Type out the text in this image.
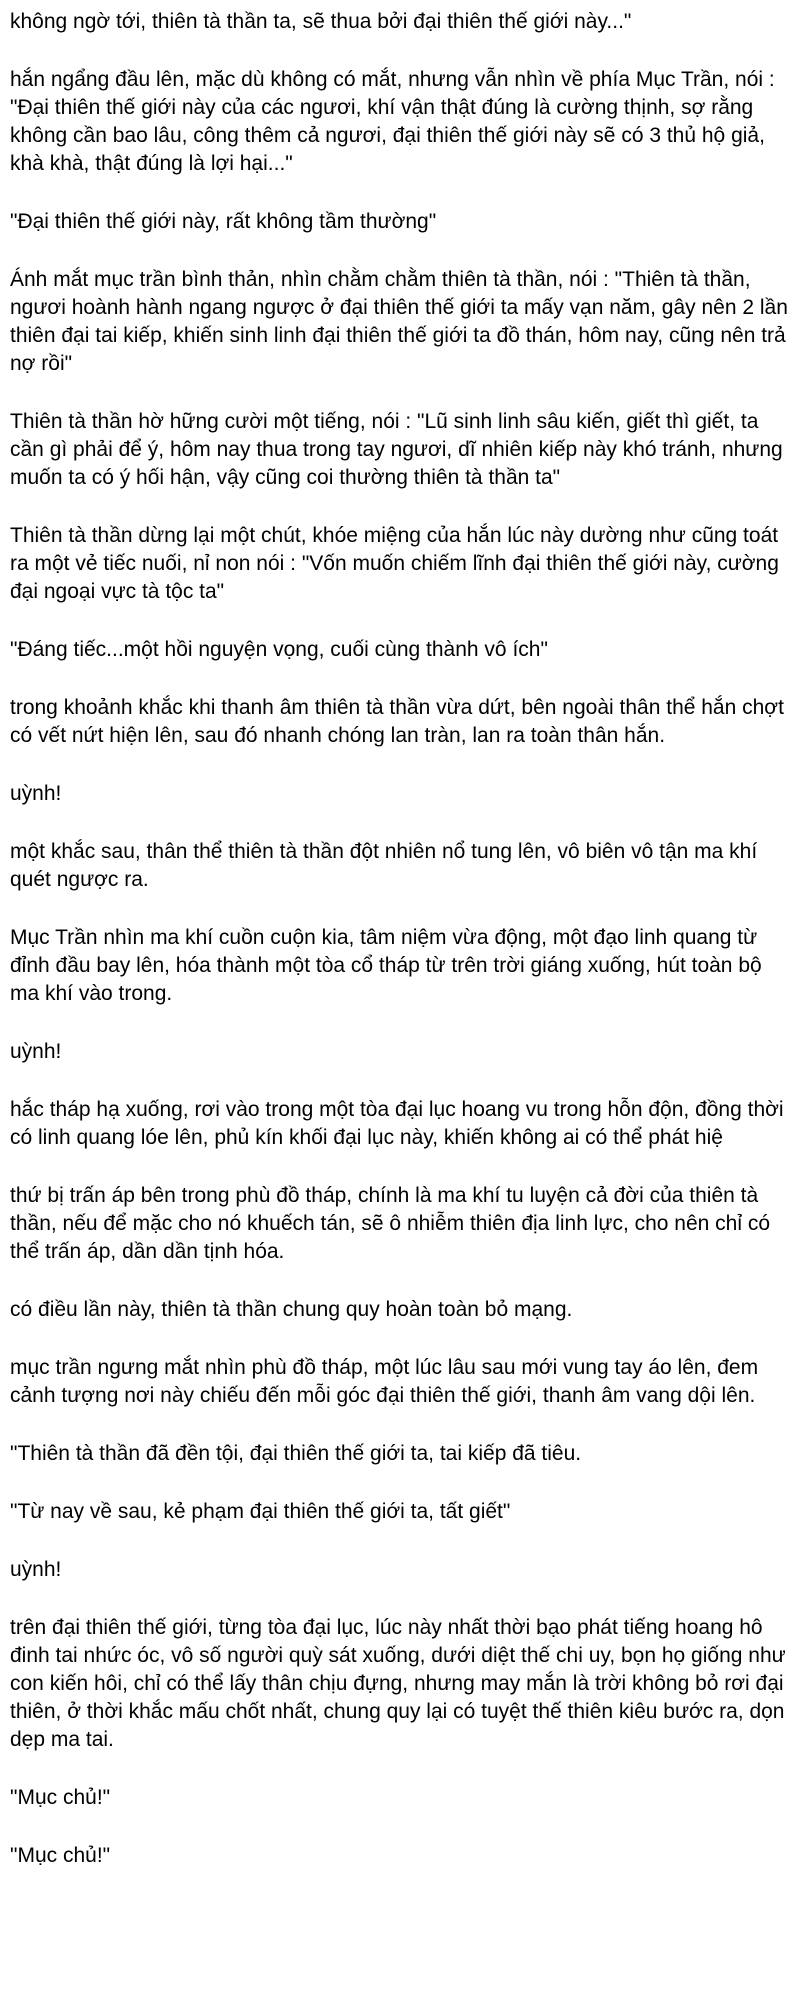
không ngờ tới, thiên tà thần ta, sẽ thua bởi đại thiên thế giới này..."

hắn ngẩng đầu lên, mặc dù không có mắt, nhưng vẫn nhìn về phía Mục Trần, nói : "Đại thiên thế giới này của các ngươi, khí vận thật đúng là cường thịnh, sợ rằng không cần bao lâu, công thêm cả ngươi, đại thiên thế giới này sẽ có 3 thủ hộ giả, khà khà, thật đúng là lợi hại..."

"Đại thiên thế giới này, rất không tầm thường"

Ánh mắt mục trần bình thản, nhìn chằm chằm thiên tà thần, nói : "Thiên tà thần, ngươi hoành hành ngang ngược ở đại thiên thế giới ta mấy vạn năm, gây nên 2 lần thiên đại tai kiếp, khiến sinh linh đại thiên thế giới ta đồ thán, hôm nay, cũng nên trả nợ rồi"

Thiên tà thần hờ hững cười một tiếng, nói : "Lũ sinh linh sâu kiến, giết thì giết, ta cần gì phải để ý, hôm nay thua trong tay ngươi, dĩ nhiên kiếp này khó tránh, nhưng muốn ta có ý hối hận, vậy cũng coi thường thiên tà thần ta"

Thiên tà thần dừng lại một chút, khóe miệng của hắn lúc này dường như cũng toát ra một vẻ tiếc nuối, nỉ non nói : "Vốn muốn chiếm lĩnh đại thiên thế giới này, cường đại ngoại vực tà tộc ta"

"Đáng tiếc...một hồi nguyện vọng, cuối cùng thành vô ích"

trong khoảnh khắc khi thanh âm thiên tà thần vừa dứt, bên ngoài thân thể hắn chợt có vết nứt hiện lên, sau đó nhanh chóng lan tràn, lan ra toàn thân hắn.

uỳnh!

một khắc sau, thân thể thiên tà thần đột nhiên nổ tung lên, vô biên vô tận ma khí quét ngược ra.

Mục Trần nhìn ma khí cuồn cuộn kia, tâm niệm vừa động, một đạo linh quang từ đỉnh đầu bay lên, hóa thành một tòa cổ tháp từ trên trời giáng xuống, hút toàn bộ ma khí vào trong.

uỳnh!

hắc tháp hạ xuống, rơi vào trong một tòa đại lục hoang vu trong hỗn độn, đồng thời có linh quang lóe lên, phủ kín khối đại lục này, khiến không ai có thể phát hiệ

thứ bị trấn áp bên trong phù đồ tháp, chính là ma khí tu luyện cả đời của thiên tà thần, nếu để mặc cho nó khuếch tán, sẽ ô nhiễm thiên địa linh lực, cho nên chỉ có thể trấn áp, dần dần tịnh hóa.

có điều lần này, thiên tà thần chung quy hoàn toàn bỏ mạng.

mục trần ngưng mắt nhìn phù đồ tháp, một lúc lâu sau mới vung tay áo lên, đem cảnh tượng nơi này chiếu đến mỗi góc đại thiên thế giới, thanh âm vang dội lên.

"Thiên tà thần đã đền tội, đại thiên thế giới ta, tai kiếp đã tiêu.

"Từ nay về sau, kẻ phạm đại thiên thế giới ta, tất giết"

uỳnh!

trên đại thiên thế giới, từng tòa đại lục, lúc này nhất thời bạo phát tiếng hoang hô đinh tai nhức óc, vô số người quỳ sát xuống, dưới diệt thế chi uy, bọn họ giống như con kiến hôi, chỉ có thể lấy thân chịu đựng, nhưng may mắn là trời không bỏ rơi đại thiên, ở thời khắc mấu chốt nhất, chung quy lại có tuyệt thế thiên kiêu bước ra, dọn dẹp ma tai.

"Mục chủ!"

"Mục chủ!"
